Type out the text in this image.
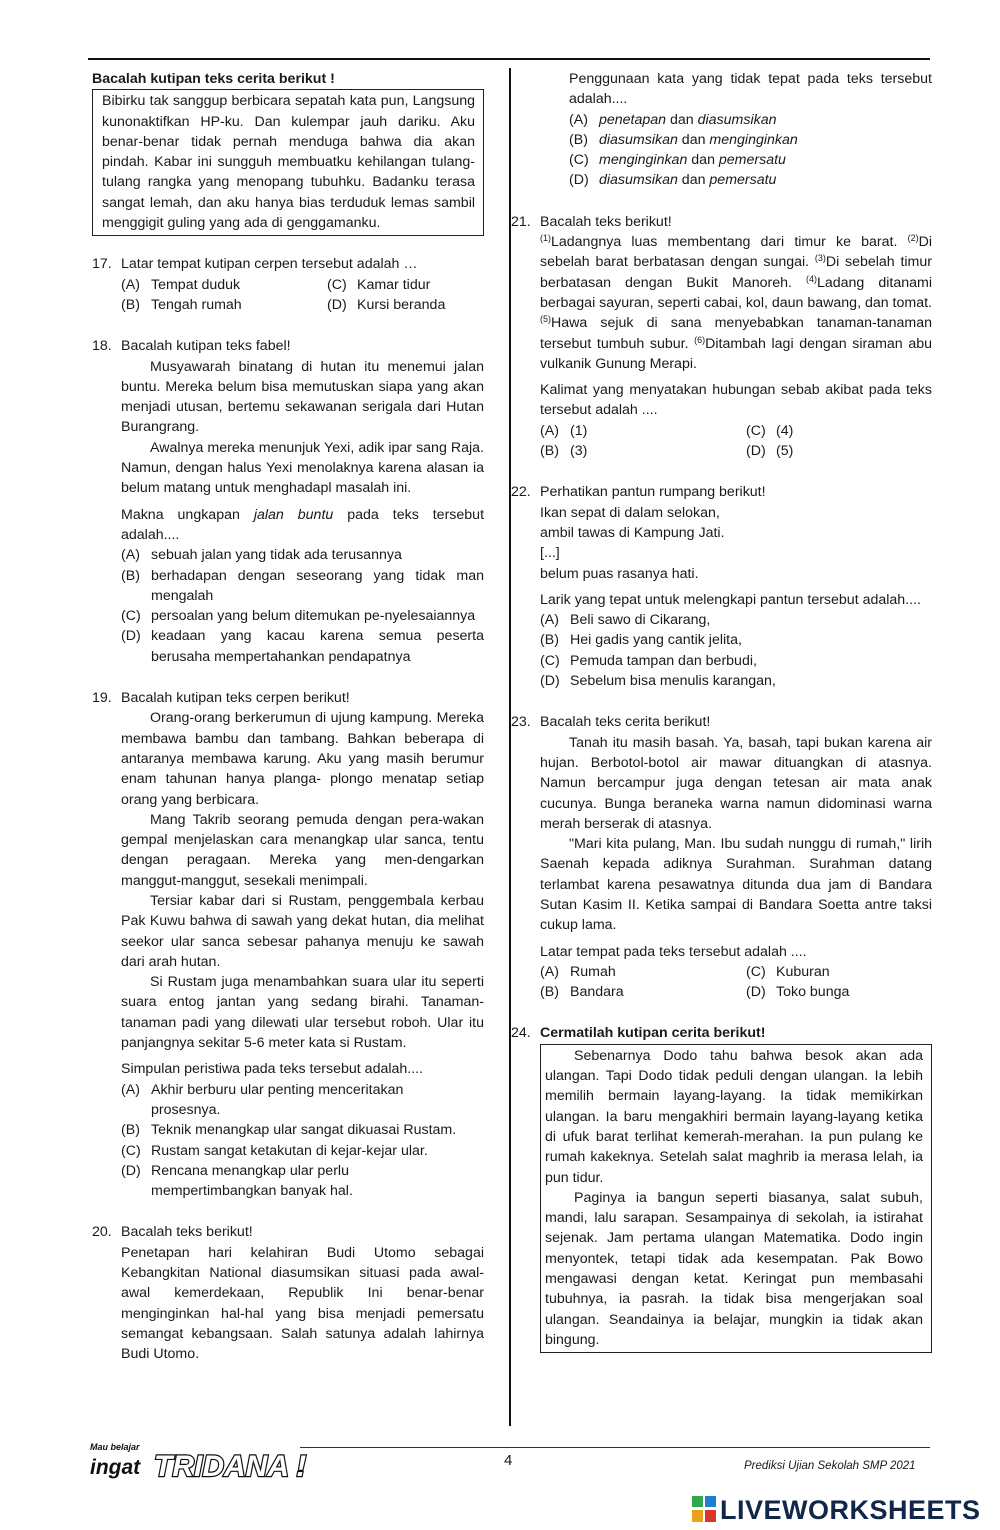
Bacalah kutipan teks cerita berikut !
Bibirku tak sanggup berbicara sepatah kata pun, Langsung kunonaktifkan HP-ku. Dan kulempar jauh dariku. Aku benar-benar tidak pernah menduga bahwa dia akan pindah. Kabar ini sungguh membuatku kehilangan tulang-tulang rangka yang menopang tubuhku. Badanku terasa sangat lemah, dan aku hanya bias terduduk lemas sambil menggigit guling yang ada di genggamanku.
17. Latar tempat kutipan cerpen tersebut adalah …
(A) Tempat duduk	(C) Kamar tidur
(B) Tengah rumah	(D) Kursi beranda
18. Bacalah kutipan teks fabel!

Musyawarah binatang di hutan itu menemui jalan buntu. Mereka belum bisa memutuskan siapa yang akan menjadi utusan, bertemu sekawanan serigala dari Hutan Burangrang.

Awalnya mereka menunjuk Yexi, adik ipar sang Raja. Namun, dengan halus Yexi menolaknya karena alasan ia belum matang untuk menghadapl masalah ini.

Makna ungkapan jalan buntu pada teks tersebut adalah....

(A) sebuah jalan yang tidak ada terusannya
(B) berhadapan dengan seseorang yang tidak man mengalah
(C) persoalan yang belum ditemukan pe-nyelesaiannya
(D) keadaan yang kacau karena semua peserta berusaha mempertahankan pendapatnya
19. Bacalah kutipan teks cerpen berikut!

Orang-orang berkerumun di ujung kampung. Mereka membawa bambu dan tambang. Bahkan beberapa di antaranya membawa karung. Aku yang masih berumur enam tahunan hanya planga- plongo menatap setiap orang yang berbicara.

Mang Takrib seorang pemuda dengan pera-wakan gempal menjelaskan cara menangkap ular sanca, tentu dengan peragaan. Mereka yang men-dengarkan manggut-manggut, sesekali menimpali.

Tersiar kabar dari si Rustam, penggembala kerbau Pak Kuwu bahwa di sawah yang dekat hutan, dia melihat seekor ular sanca sebesar pahanya menuju ke sawah dari arah hutan.

Si Rustam juga menambahkan suara ular itu seperti suara entog jantan yang sedang birahi. Tanaman-tanaman padi yang dilewati ular tersebut roboh. Ular itu panjangnya sekitar 5-6 meter kata si Rustam.

Simpulan peristiwa pada teks tersebut adalah....

(A) Akhir berburu ular penting menceritakan prosesnya.
(B) Teknik menangkap ular sangat dikuasai Rustam.
(C) Rustam sangat ketakutan di kejar-kejar ular.
(D) Rencana menangkap ular perlu mempertimbangkan banyak hal.
20. Bacalah teks berikut!

Penetapan hari kelahiran Budi Utomo sebagai Kebangkitan National diasumsikan situasi pada awal-awal kemerdekaan, Republik Ini benar-benar menginginkan hal-hal yang bisa menjadi pemersatu semangat kebangsaan. Salah satunya adalah lahirnya Budi Utomo.

Penggunaan kata yang tidak tepat pada teks tersebut adalah....

(A) penetapan dan diasumsikan
(B) diasumsikan dan menginginkan
(C) menginginkan dan pemersatu
(D) diasumsikan dan pemersatu
21. Bacalah teks berikut!

$^{(1)}$Ladangnya luas membentang dari timur ke barat. $^{(2)}$Di sebelah barat berbatasan dengan sungai. $^{(3)}$Di sebelah timur berbatasan dengan Bukit Manoreh. $^{(4)}$Ladang ditanami berbagai sayuran, seperti cabai, kol, daun bawang, dan tomat. $^{(5)}$Hawa sejuk di sana menyebabkan tanaman-tanaman tersebut tumbuh subur. $^{(6)}$Ditambah lagi dengan siraman abu vulkanik Gunung Merapi.

Kalimat yang menyatakan hubungan sebab akibat pada teks tersebut adalah ....

(A) (1)	(C) (4)
(B) (3)	(D) (5)
22. Perhatikan pantun rumpang berikut!
Ikan sepat di dalam selokan,
ambil tawas di Kampung Jati.
[...]
belum puas rasanya hati.

Larik yang tepat untuk melengkapi pantun tersebut adalah....

(A) Beli sawo di Cikarang,
(B) Hei gadis yang cantik jelita,
(C) Pemuda tampan dan berbudi,
(D) Sebelum bisa menulis karangan,
23. Bacalah teks cerita berikut!

Tanah itu masih basah. Ya, basah, tapi bukan karena air hujan. Berbotol-botol air mawar dituangkan di atasnya. Namun bercampur juga dengan tetesan air mata anak cucunya. Bunga beraneka warna namun didominasi warna merah berserak di atasnya.

"Mari kita pulang, Man. Ibu sudah nunggu di rumah," lirih Saenah kepada adiknya Surahman. Surahman datang terlambat karena pesawatnya ditunda dua jam di Bandara Sutan Kasim II. Ketika sampai di Bandara Soetta antre taksi cukup lama.

Latar tempat pada teks tersebut adalah ....

(A) Rumah	(C) Kuburan
(B) Bandara	(D) Toko bunga
24. Cermatilah kutipan cerita berikut!

Sebenarnya Dodo tahu bahwa besok akan ada ulangan. Tapi Dodo tidak peduli dengan ulangan. Ia lebih memilih bermain layang-layang. Ia tidak memikirkan ulangan. Ia baru mengakhiri bermain layang-layang ketika di ufuk barat terlihat kemerah-merahan. Ia pun pulang ke rumah kakeknya. Setelah salat maghrib ia merasa lelah, ia pun tidur.

Paginya ia bangun seperti biasanya, salat subuh, mandi, lalu sarapan. Sesampainya di sekolah, ia istirahat sejenak. Jam pertama ulangan Matematika. Dodo ingin menyontek, tetapi tidak ada kesempatan. Pak Bowo mengawasi dengan ketat. Keringat pun membasahi tubuhnya, ia pasrah. Ia tidak bisa mengerjakan soal ulangan. Seandainya ia belajar, mungkin ia tidak akan bingung.

Mau belajar
ingat TRIDANA !	4	Prediksi Ujian Sekolah SMP 2021
LIVEWORKSHEETS
